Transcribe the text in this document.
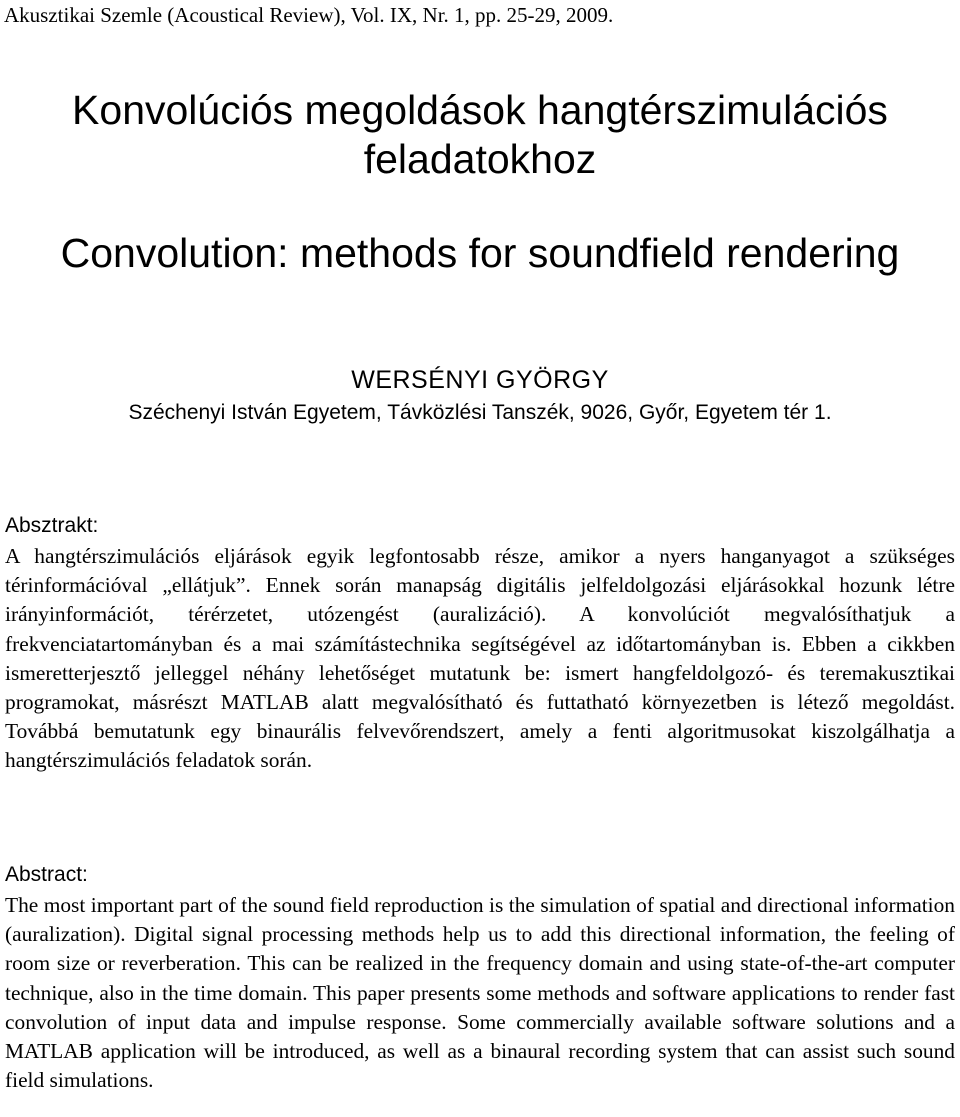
Akusztikai Szemle (Acoustical Review), Vol. IX, Nr. 1, pp. 25-29, 2009.
Konvolúciós megoldások hangtérszimulációs feladatokhoz
Convolution: methods for soundfield rendering
WERSÉNYI GYÖRGY
Széchenyi István Egyetem, Távközlési Tanszék, 9026, Győr, Egyetem tér 1.
Absztrakt:

A hangtérszimulációs eljárások egyik legfontosabb része, amikor a nyers hanganyagot a szükséges térinformációval „ellátjuk”. Ennek során manapság digitális jelfeldolgozási eljárásokkal hozunk létre irányinformációt, térérzetet, utózengést (auralizáció). A konvolúciót megvalósíthatjuk a frekvenciatartományban és a mai számítástechnika segítségével az időtartományban is. Ebben a cikkben ismeretterjesztő jelleggel néhány lehetőséget mutatunk be: ismert hangfeldolgozó- és teremakusztikai programokat, másrészt MATLAB alatt megvalósítható és futtatható környezetben is létező megoldást. Továbbá bemutatunk egy binaurális felvevőrendszert, amely a fenti algoritmusokat kiszolgálhatja a hangtérszimulációs feladatok során.

Abstract:

The most important part of the sound field reproduction is the simulation of spatial and directional information (auralization). Digital signal processing methods help us to add this directional information, the feeling of room size or reverberation. This can be realized in the frequency domain and using state-of-the-art computer technique, also in the time domain. This paper presents some methods and software applications to render fast convolution of input data and impulse response. Some commercially available software solutions and a MATLAB application will be introduced, as well as a binaural recording system that can assist such sound field simulations.
